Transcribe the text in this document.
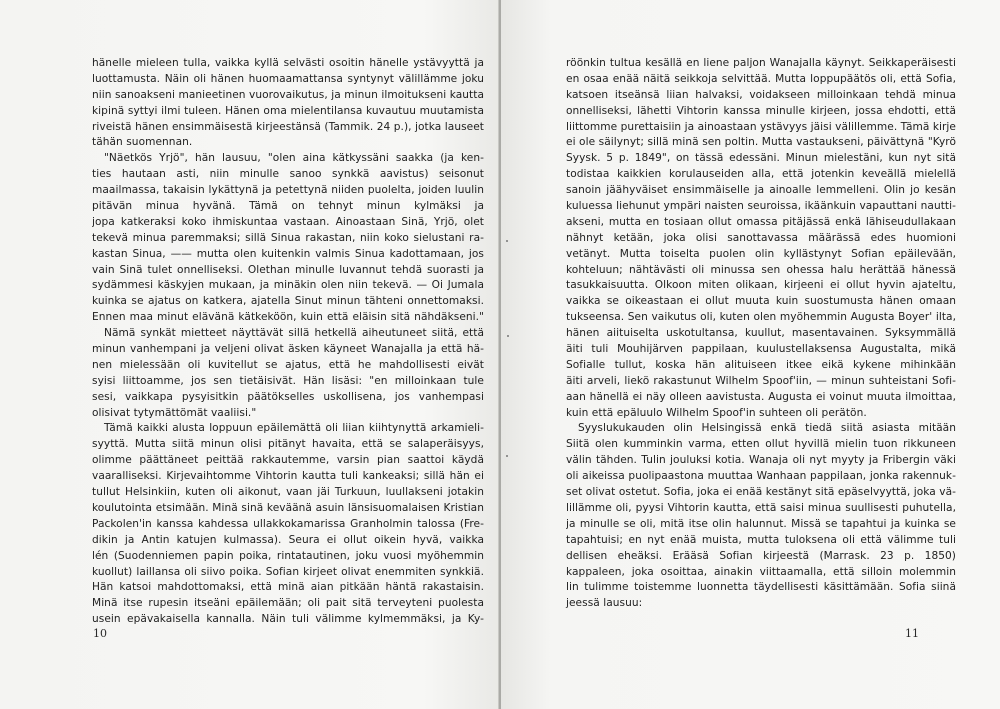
hänelle mieleen tulla, vaikka kyllä selvästi osoitin hänelle ystävyyttä ja
luottamusta. Näin oli hänen huomaamattansa syntynyt välillämme joku
niin sanoakseni manieetinen vuorovaikutus, ja minun ilmoitukseni kautta
kipinä syttyi ilmi tuleen. Hänen oma mielentilansa kuvautuu muutamista
riveistä hänen ensimmäisestä kirjeestänsä (Tammik. 24 p.), jotka lauseet
tähän suomennan.
"Näetkös Yrjö", hän lausuu, "olen aina kätkyssäni saakka (ja ken-
ties hautaan asti, niin minulle sanoo synkkä aavistus) seisonut
maailmassa, takaisin lykättynä ja petettynä niiden puolelta, joiden luulin
pitävän minua hyvänä. Tämä on tehnyt minun kylmäksi ja
jopa katkeraksi koko ihmiskuntaa vastaan. Ainoastaan Sinä, Yrjö, olet
tekevä minua paremmaksi; sillä Sinua rakastan, niin koko sielustani ra-
kastan Sinua, —— mutta olen kuitenkin valmis Sinua kadottamaan, jos
vain Sinä tulet onnelliseksi. Olethan minulle luvannut tehdä suorasti ja
sydämmesi käskyjen mukaan, ja minäkin olen niin tekevä. — Oi Jumala
kuinka se ajatus on katkera, ajatella Sinut minun tähteni onnettomaksi.
Ennen maa minut elävänä kätkeköön, kuin että eläisin sitä nähdäkseni."
Nämä synkät mietteet näyttävät sillä hetkellä aiheutuneet siitä, että
minun vanhempani ja veljeni olivat äsken käyneet Wanajalla ja että hä-
nen mielessään oli kuvitellut se ajatus, että he mahdollisesti eivät
syisi liittoamme, jos sen tietäisivät. Hän lisäsi: "en milloinkaan tule
sesi, vaikkapa pysyisitkin päätökselles uskollisena, jos vanhempasi
olisivat tytymättömät vaaliisi."
Tämä kaikki alusta loppuun epäilemättä oli liian kiihtynyttä arkamieli-
syyttä. Mutta siitä minun olisi pitänyt havaita, että se salaperäisyys,
olimme päättäneet peittää rakkautemme, varsin pian saattoi käydä
vaaralliseksi. Kirjevaihtomme Vihtorin kautta tuli kankeaksi; sillä hän ei
tullut Helsinkiin, kuten oli aikonut, vaan jäi Turkuun, luullakseni jotakin
koulutointa etsimään. Minä sinä keväänä asuin länsisuomalaisen Kristian
Packolen'in kanssa kahdessa ullakkokamarissa Granholmin talossa (Fre-
dikin ja Antin katujen kulmassa). Seura ei ollut oikein hyvä, vaikka
lén (Suodenniemen papin poika, rintatautinen, joku vuosi myöhemmin
kuollut) laillansa oli siivo poika. Sofian kirjeet olivat enemmiten synkkiä.
Hän katsoi mahdottomaksi, että minä aian pitkään häntä rakastaisin.
Minä itse rupesin itseäni epäilemään; oli pait sitä terveyteni puolesta
usein epävakaisella kannalla. Näin tuli välimme kylmemmäksi, ja Ky-
10
röönkin tultua kesällä en liene paljon Wanajalla käynyt. Seikkaperäisesti
en osaa enää näitä seikkoja selvittää. Mutta loppupäätös oli, että Sofia,
katsoen itseänsä liian halvaksi, voidakseen milloinkaan tehdä minua
onnelliseksi, lähetti Vihtorin kanssa minulle kirjeen, jossa ehdotti, että
liittomme purettaisiin ja ainoastaan ystävyys jäisi välillemme. Tämä kirje
ei ole säilynyt; sillä minä sen poltin. Mutta vastaukseni, päivättynä "Kyrö
Syysk. 5 p. 1849", on tässä edessäni. Minun mielestäni, kun nyt sitä
todistaa kaikkien korulauseiden alla, että jotenkin keveällä mielellä
sanoin jäähyväiset ensimmäiselle ja ainoalle lemmelleni. Olin jo kesän
kuluessa liehunut ympäri naisten seuroissa, ikäänkuin vapauttani nautti-
akseni, mutta en tosiaan ollut omassa pitäjässä enkä lähiseudullakaan
nähnyt ketään, joka olisi sanottavassa määrässä edes huomioni
vetänyt. Mutta toiselta puolen olin kyllästynyt Sofian epäilevään,
kohteluun; nähtävästi oli minussa sen ohessa halu herättää hänessä
tasukkaisuutta. Olkoon miten olikaan, kirjeeni ei ollut hyvin ajateltu,
vaikka se oikeastaan ei ollut muuta kuin suostumusta hänen omaan
tukseensa. Sen vaikutus oli, kuten olen myöhemmin Augusta Boyer' ilta,
hänen aiituiselta uskotultansa, kuullut, masentavainen. Syksymmällä
äiti tuli Mouhijärven pappilaan, kuulustellaksensa Augustalta, mikä
Sofialle tullut, koska hän alituiseen itkee eikä kykene mihinkään
äiti arveli, liekö rakastunut Wilhelm Spoof'iin, — minun suhteistani Sofi-
aan hänellä ei näy olleen aavistusta. Augusta ei voinut muuta ilmoittaa,
kuin että epäluulo Wilhelm Spoof'in suhteen oli perätön.
Syyslukukauden olin Helsingissä enkä tiedä siitä asiasta mitään
Siitä olen kumminkin varma, etten ollut hyvillä mielin tuon rikkuneen
välin tähden. Tulin jouluksi kotia. Wanaja oli nyt myyty ja Fribergin väki
oli aikeissa puolipaastona muuttaa Wanhaan pappilaan, jonka rakennuk-
set olivat ostetut. Sofia, joka ei enää kestänyt sitä epäselvyyttä, joka vä-
lillämme oli, pyysi Vihtorin kautta, että saisi minua suullisesti puhutella,
ja minulle se oli, mitä itse olin halunnut. Missä se tapahtui ja kuinka se
tapahtuisi; en nyt enää muista, mutta tuloksena oli että välimme tuli
dellisen eheäksi. Erääsä Sofian kirjeestä (Marrask. 23 p. 1850)
kappaleen, joka osoittaa, ainakin viittaamalla, että silloin molemmin
lin tulimme toistemme luonnetta täydellisesti käsittämään. Sofia siinä
jeessä lausuu:
11
